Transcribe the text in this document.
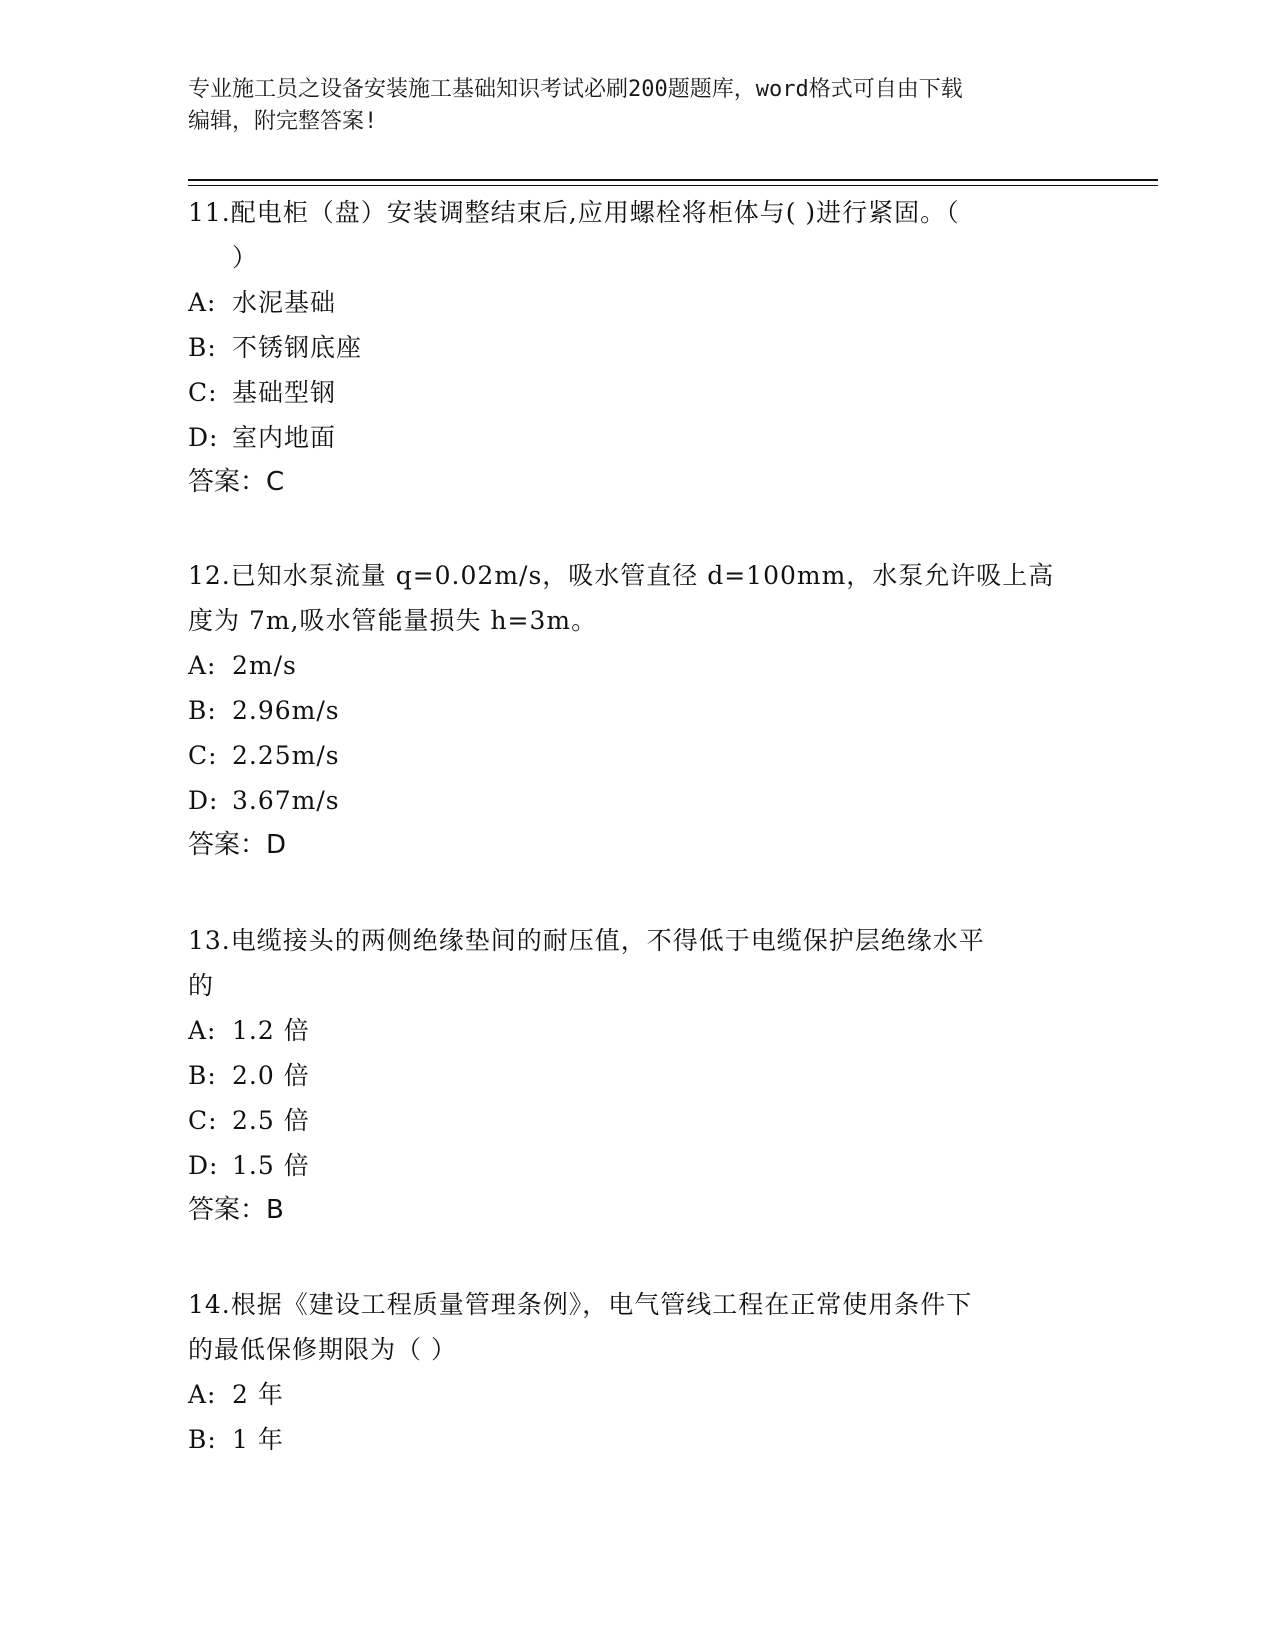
专业施工员之设备安装施工基础知识考试必刷200题题库，word格式可自由下载
编辑，附完整答案!

11.配电柜（盘）安装调整结束后,应用螺栓将柜体与( )进行紧固。（

）

A: 水泥基础

B: 不锈钢底座

C: 基础型钢

D: 室内地面

答案：C

12.已知水泵流量 q=0.02m/s，吸水管直径 d=100mm，水泵允许吸上高

度为 7m,吸水管能量损失 h=3m。

A: 2m/s

B: 2.96m/s

C: 2.25m/s

D: 3.67m/s

答案：D

13.电缆接头的两侧绝缘垫间的耐压值，不得低于电缆保护层绝缘水平

的

A: 1.2 倍

B: 2.0 倍

C: 2.5 倍

D: 1.5 倍

答案：B

14.根据《建设工程质量管理条例》，电气管线工程在正常使用条件下

的最低保修期限为（ ）

A: 2 年

B: 1 年
